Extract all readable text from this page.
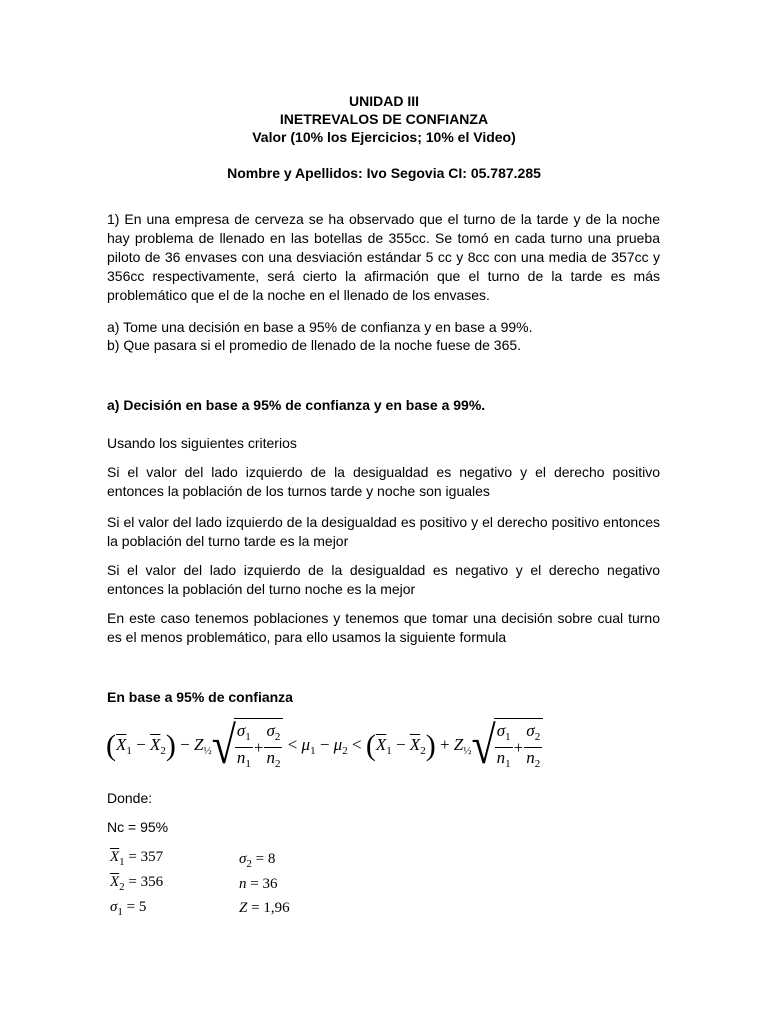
UNIDAD III
INETREVALOS DE CONFIANZA
Valor (10% los Ejercicios; 10% el Video)
Nombre y Apellidos: Ivo Segovia CI: 05.787.285
1) En una empresa de cerveza se ha observado que el turno de la tarde y de la noche hay problema de llenado en las botellas de 355cc. Se tomó en cada turno una prueba piloto de 36 envases con una desviación estándar 5 cc y 8cc con una media de 357cc y 356cc respectivamente, será cierto la afirmación que el turno de la tarde es más problemático que el de la noche en el llenado de los envases.
a) Tome una decisión en base a 95% de confianza y en base a 99%.
b) Que pasara si el promedio de llenado de la noche fuese de 365.
a) Decisión en base a 95% de confianza y en base a 99%.
Usando los siguientes criterios
Si el valor del lado izquierdo de la desigualdad es negativo y el derecho positivo entonces la población de los turnos tarde y noche son iguales
Si el valor del lado izquierdo de la desigualdad es positivo y el derecho positivo entonces la población del turno tarde es la mejor
Si el valor del lado izquierdo de la desigualdad es negativo y el derecho negativo entonces la población del turno noche es la mejor
En este caso tenemos poblaciones y tenemos que tomar una decisión sobre cual turno es el menos problemático, para ello usamos la siguiente formula
En base a 95% de confianza
$(\overline{X}_1 - \overline{X}_2) - Z_{\frac{1}{2}}$ √ $\frac{\sigma_1}{n_1} + \frac{\sigma_2}{n_2} < \mu_1 - \mu_2 < (\overline{X}_1 - \overline{X}_2) + Z_{\frac{1}{2}}$ √ $\frac{\sigma_1}{n_1} + \frac{\sigma_2}{n_2}$
Donde:
Nc = 95%
$\overline{X}_1 = 357$
$\overline{X}_2 = 356$
$\sigma_1 = 5$
$\sigma_2 = 8$
n = 36
Z = 1,96
